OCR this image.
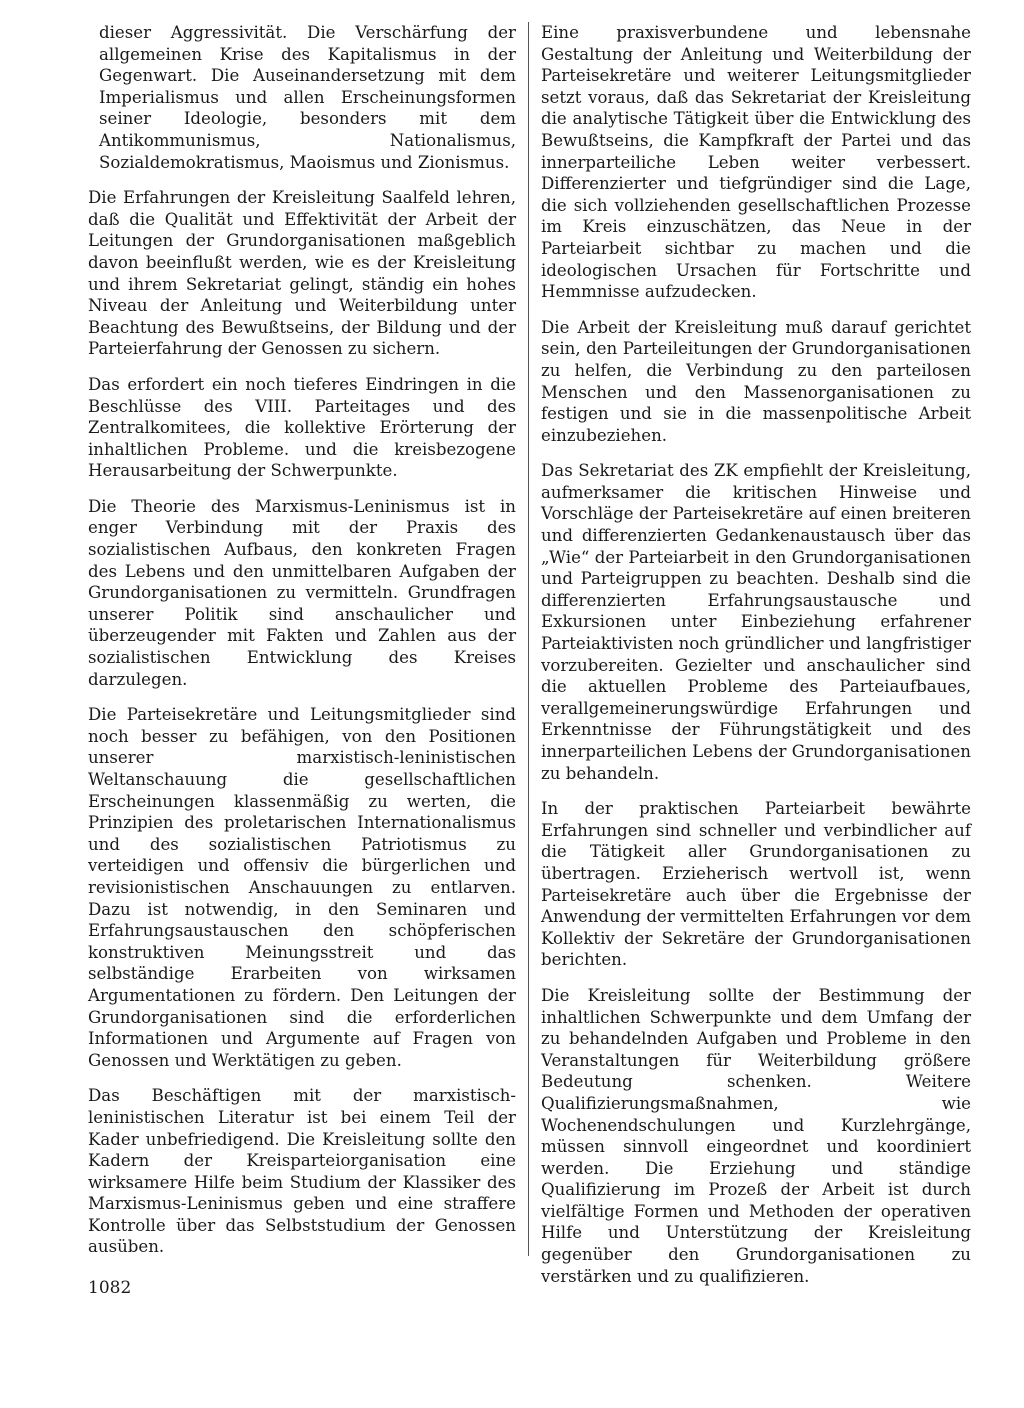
dieser Aggressivität. Die Verschärfung der allgemeinen Krise des Kapitalismus in der Gegenwart. Die Auseinandersetzung mit dem Imperialismus und allen Erscheinungsformen seiner Ideologie, besonders mit dem Antikommunismus, Nationalismus, Sozialdemokratismus, Maoismus und Zionismus.

Die Erfahrungen der Kreisleitung Saalfeld lehren, daß die Qualität und Effektivität der Arbeit der Leitungen der Grundorganisationen maßgeblich davon beeinflußt werden, wie es der Kreisleitung und ihrem Sekretariat gelingt, ständig ein hohes Niveau der Anleitung und Weiterbildung unter Beachtung des Bewußtseins, der Bildung und der Parteierfahrung der Genossen zu sichern.

Das erfordert ein noch tieferes Eindringen in die Beschlüsse des VIII. Parteitages und des Zentralkomitees, die kollektive Erörterung der inhaltlichen Probleme. und die kreisbezogene Herausarbeitung der Schwerpunkte.

Die Theorie des Marxismus-Leninismus ist in enger Verbindung mit der Praxis des sozialistischen Aufbaus, den konkreten Fragen des Lebens und den unmittelbaren Aufgaben der Grundorganisationen zu vermitteln. Grundfragen unserer Politik sind anschaulicher und überzeugender mit Fakten und Zahlen aus der sozialistischen Entwicklung des Kreises darzulegen.

Die Parteisekretäre und Leitungsmitglieder sind noch besser zu befähigen, von den Positionen unserer marxistisch-leninistischen Weltanschauung die gesellschaftlichen Erscheinungen klassenmäßig zu werten, die Prinzipien des proletarischen Internationalismus und des sozialistischen Patriotismus zu verteidigen und offensiv die bürgerlichen und revisionistischen Anschauungen zu entlarven. Dazu ist notwendig, in den Seminaren und Erfahrungsaustauschen den schöpferischen konstruktiven Meinungsstreit und das selbständige Erarbeiten von wirksamen Argumentationen zu fördern. Den Leitungen der Grundorganisationen sind die erforderlichen Informationen und Argumente auf Fragen von Genossen und Werktätigen zu geben.

Das Beschäftigen mit der marxistisch-leninistischen Literatur ist bei einem Teil der Kader unbefriedigend. Die Kreisleitung sollte den Kadern der Kreisparteiorganisation eine wirksamere Hilfe beim Studium der Klassiker des Marxismus-Leninismus geben und eine straffere Kontrolle über das Selbststudium der Genossen ausüben.

Eine praxisverbundene und lebensnahe Gestaltung der Anleitung und Weiterbildung der Parteisekretäre und weiterer Leitungsmitglieder setzt voraus, daß das Sekretariat der Kreisleitung die analytische Tätigkeit über die Entwicklung des Bewußtseins, die Kampfkraft der Partei und das innerparteiliche Leben weiter verbessert. Differenzierter und tiefgründiger sind die Lage, die sich vollziehenden gesellschaftlichen Prozesse im Kreis einzuschätzen, das Neue in der Parteiarbeit sichtbar zu machen und die ideologischen Ursachen für Fortschritte und Hemmnisse aufzudecken.

Die Arbeit der Kreisleitung muß darauf gerichtet sein, den Parteileitungen der Grundorganisationen zu helfen, die Verbindung zu den parteilosen Menschen und den Massenorganisationen zu festigen und sie in die massenpolitische Arbeit einzubeziehen.

Das Sekretariat des ZK empfiehlt der Kreisleitung, aufmerksamer die kritischen Hinweise und Vorschläge der Parteisekretäre auf einen breiteren und differenzierten Gedankenaustausch über das „Wie“ der Parteiarbeit in den Grundorganisationen und Parteigruppen zu beachten. Deshalb sind die differenzierten Erfahrungsaustausche und Exkursionen unter Einbeziehung erfahrener Parteiaktivisten noch gründlicher und langfristiger vorzubereiten. Gezielter und anschaulicher sind die aktuellen Probleme des Parteiaufbaues, verallgemeinerungswürdige Erfahrungen und Erkenntnisse der Führungstätigkeit und des innerparteilichen Lebens der Grundorganisationen zu behandeln.

In der praktischen Parteiarbeit bewährte Erfahrungen sind schneller und verbindlicher auf die Tätigkeit aller Grundorganisationen zu übertragen. Erzieherisch wertvoll ist, wenn Parteisekretäre auch über die Ergebnisse der Anwendung der vermittelten Erfahrungen vor dem Kollektiv der Sekretäre der Grundorganisationen berichten.

Die Kreisleitung sollte der Bestimmung der inhaltlichen Schwerpunkte und dem Umfang der zu behandelnden Aufgaben und Probleme in den Veranstaltungen für Weiterbildung größere Bedeutung schenken. Weitere Qualifizierungsmaßnahmen, wie Wochenendschulungen und Kurzlehrgänge, müssen sinnvoll eingeordnet und koordiniert werden. Die Erziehung und ständige Qualifizierung im Prozeß der Arbeit ist durch vielfältige Formen und Methoden der operativen Hilfe und Unterstützung der Kreisleitung gegenüber den Grundorganisationen zu verstärken und zu qualifizieren.

1082
